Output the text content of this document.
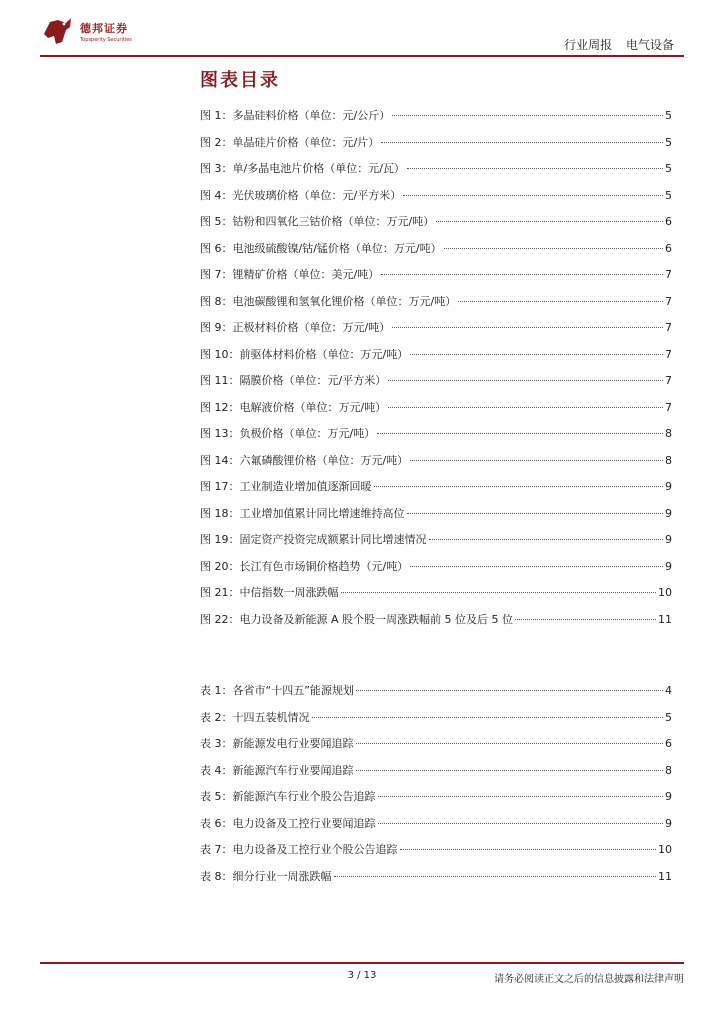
德邦证券
Topsperity Securities	行业周报 电气设备
图表目录
图 1：多晶硅料价格（单位：元/公斤）	5
图 2：单晶硅片价格（单位：元/片）	5
图 3：单/多晶电池片价格（单位：元/瓦）	5
图 4：光伏玻璃价格（单位：元/平方米）	5
图 5：钴粉和四氧化三钴价格（单位：万元/吨）	6
图 6：电池级硫酸镍/钴/锰价格（单位：万元/吨）	6
图 7：锂精矿价格（单位：美元/吨）	7
图 8：电池碳酸锂和氢氧化锂价格（单位：万元/吨）	7
图 9：正极材料价格（单位：万元/吨）	7
图 10：前驱体材料价格（单位：万元/吨）	7
图 11：隔膜价格（单位：元/平方米）	7
图 12：电解液价格（单位：万元/吨）	7
图 13：负极价格（单位：万元/吨）	8
图 14：六氟磷酸锂价格（单位：万元/吨）	8
图 17：工业制造业增加值逐渐回暖	9
图 18：工业增加值累计同比增速维持高位	9
图 19：固定资产投资完成额累计同比增速情况	9
图 20：长江有色市场铜价格趋势（元/吨）	9
图 21：中信指数一周涨跌幅	10
图 22：电力设备及新能源 A 股个股一周涨跌幅前 5 位及后 5 位	11
表 1：各省市“十四五”能源规划	4
表 2：十四五装机情况	5
表 3：新能源发电行业要闻追踪	6
表 4：新能源汽车行业要闻追踪	8
表 5：新能源汽车行业个股公告追踪	9
表 6：电力设备及工控行业要闻追踪	9
表 7：电力设备及工控行业个股公告追踪	10
表 8：细分行业一周涨跌幅	11
3 / 13	请务必阅读正文之后的信息披露和法律声明
